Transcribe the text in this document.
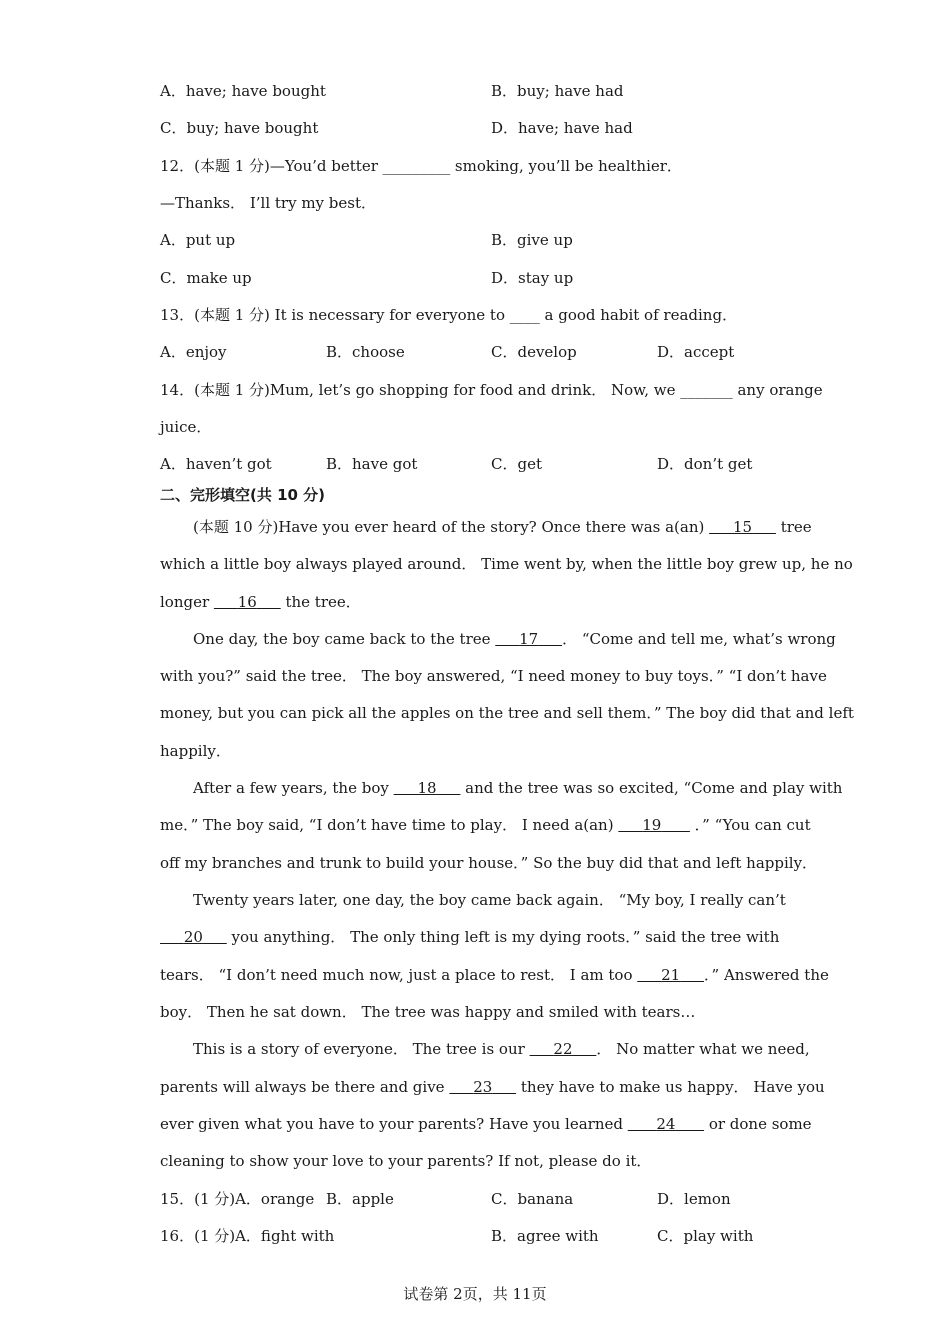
A．have; have bought	B．buy; have had
C．buy; have bought	D．have; have had
12．(本题 1 分)—You’d better _________ smoking, you’ll be healthier．
—Thanks． I’ll try my best．
A．put up	B．give up
C．make up	D．stay up
13．(本题 1 分) It is necessary for everyone to ____ a good habit of reading．
A．enjoy	B．choose	C．develop	D．accept
14．(本题 1 分)Mum, let’s go shopping for food and drink． Now, we _______ any orange
juice．
A．haven’t got	B．have got	C．get	D．don’t get
二、完形填空(共 10 分)
(本题 10 分)Have you ever heard of the story? Once there was a(an)      15      tree
which a little boy always played around． Time went by, when the little boy grew up, he no
longer      16      the tree．
One day, the boy came back to the tree      17 ． “Come and tell me, what’s wrong
with you?” said the tree． The boy answered, “I need money to buy toys．” “I don’t have
money, but you can pick all the apples on the tree and sell them．” The boy did that and left
happily．
After a few years, the boy      18      and the tree was so excited, “Come and play with
me．” The boy said, “I don’t have time to play． I need a(an)      19       ．” “You can cut
off my branches and trunk to build your house．” So the buy did that and left happily．
Twenty years later, one day, the boy came back again． “My boy, I really can’t
20      you anything． The only thing left is my dying roots．” said the tree with
tears． “I don’t need much now, just a place to rest． I am too      21 ．” Answered the
boy． Then he sat down． The tree was happy and smiled with tears…
This is a story of everyone． The tree is our      22 ． No matter what we need,
parents will always be there and give      23      they have to make us happy． Have you
ever given what you have to your parents? Have you learned       24       or done some
cleaning to show your love to your parents? If not, please do it．
15．(1 分)A．orange B．apple	C．banana	D．lemon
16．(1 分)A．fight with	B．agree with	C．play with
试卷第 2页，共 11页
